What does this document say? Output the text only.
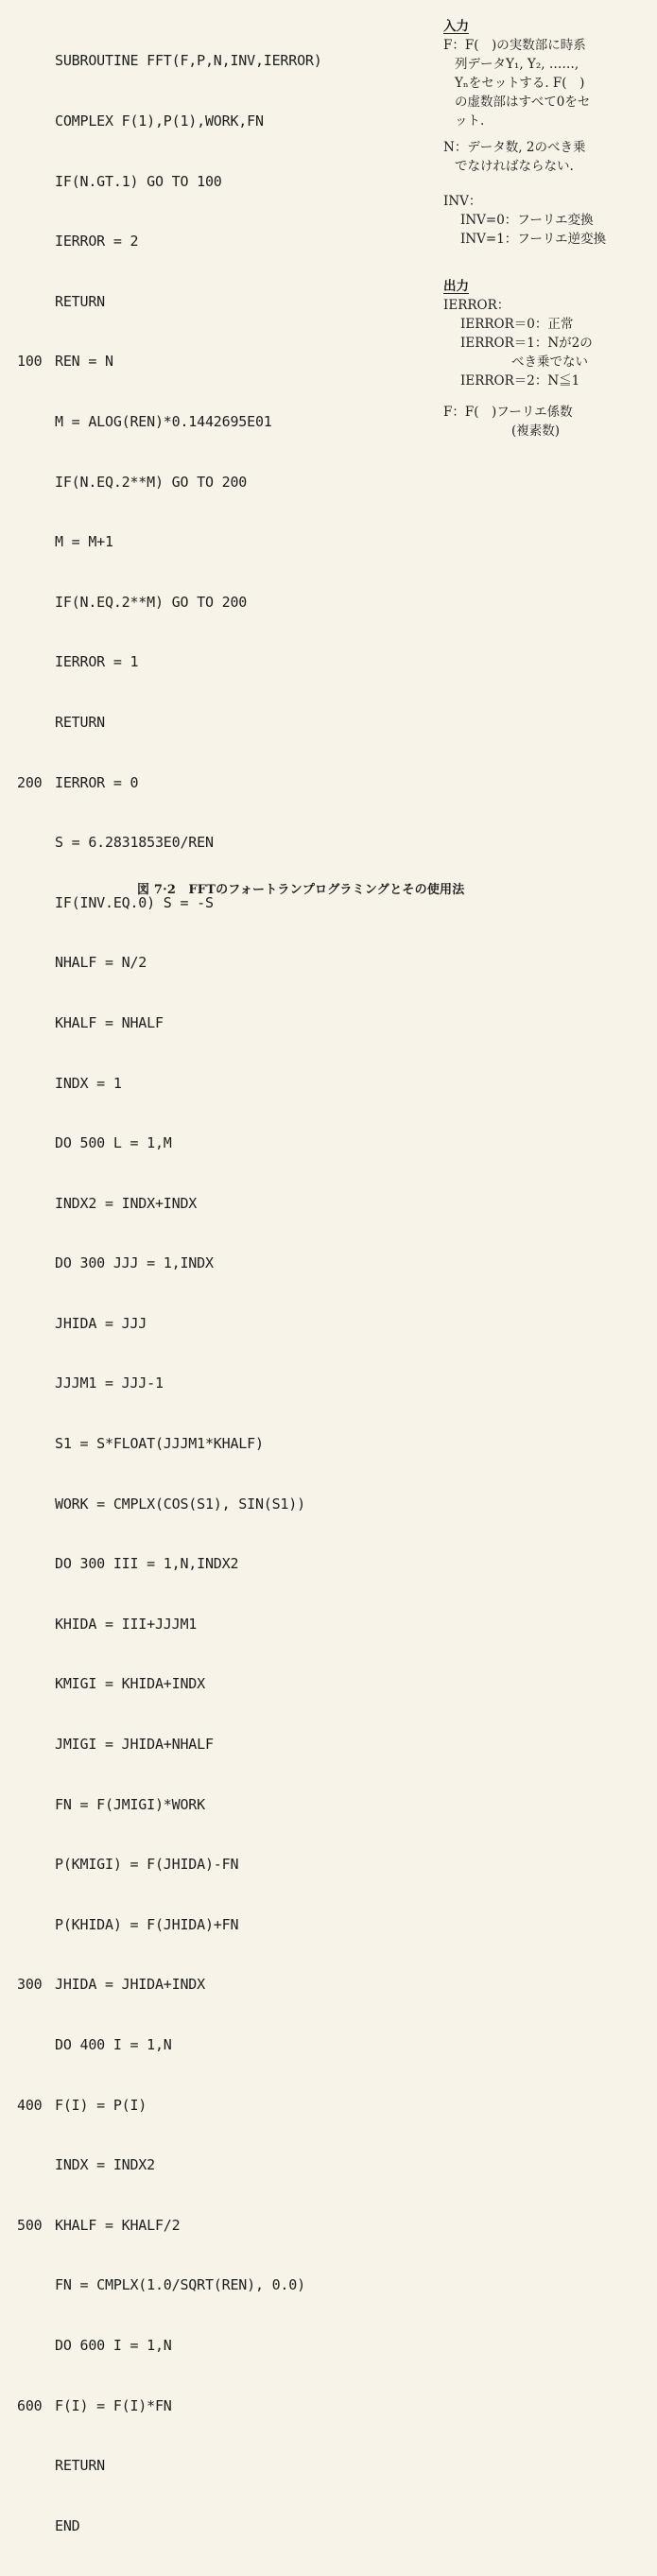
SUBROUTINE FFT(F,P,N,INV,IERROR)

COMPLEX F(1),P(1),WORK,FN

IF(N.GT.1) GO TO 100

IERROR = 2

RETURN

100 REN = N

M = ALOG(REN)*0.1442695E01

IF(N.EQ.2**M) GO TO 200

M = M+1

IF(N.EQ.2**M) GO TO 200

IERROR = 1

RETURN

200 IERROR = 0

S = 6.2831853E0/REN

IF(INV.EQ.0) S = -S

NHALF = N/2

KHALF = NHALF

INDX = 1

DO 500 L = 1,M

INDX2 = INDX+INDX

DO 300 JJJ = 1,INDX

JHIDA = JJJ

JJJM1 = JJJ-1

S1 = S*FLOAT(JJJM1*KHALF)

WORK = CMPLX(COS(S1), SIN(S1))

DO 300 III = 1,N,INDX2

KHIDA = III+JJJM1

KMIGI = KHIDA+INDX

JMIGI = JHIDA+NHALF

FN = F(JMIGI)*WORK

P(KMIGI) = F(JHIDA)-FN

P(KHIDA) = F(JHIDA)+FN

300 JHIDA = JHIDA+INDX

DO 400 I = 1,N

400 F(I) = P(I)

INDX = INDX2

500 KHALF = KHALF/2

FN = CMPLX(1.0/SQRT(REN), 0.0)

DO 600 I = 1,N

600 F(I) = F(I)*FN

RETURN

END

入力
F：F(　)の実数部に時系
列データY₁, Y₂, ……,
Yₙをセットする. F(　)
の虚数部はすべて0をセ
ット.
N：データ数, 2のべき乗
でなければならない.
INV：
INV=0：フーリエ変換
INV=1：フーリエ逆変換
出力
IERROR：
IERROR＝0：正常
IERROR＝1：Nが2の
べき乗でない
IERROR＝2：N≦1
F：F(　)フーリエ係数
(複素数)
図 7·2　FFTのフォートランプログラミングとその使用法
